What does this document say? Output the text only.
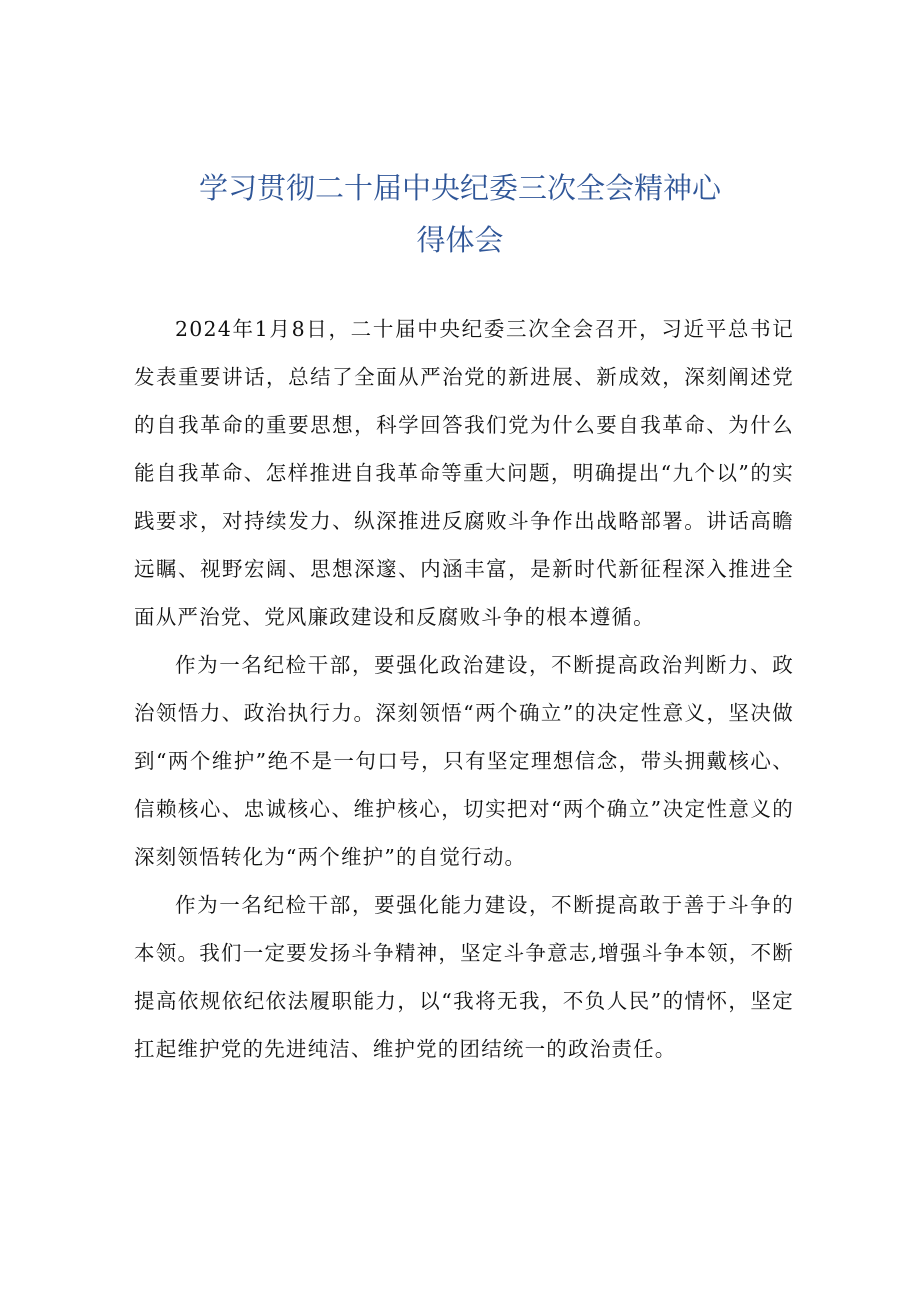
学习贯彻二十届中央纪委三次全会精神心
得体会

2024年1月8日，二十届中央纪委三次全会召开，习近平总书记发表重要讲话，总结了全面从严治党的新进展、新成效，深刻阐述党的自我革命的重要思想，科学回答我们党为什么要自我革命、为什么能自我革命、怎样推进自我革命等重大问题，明确提出“九个以”的实践要求，对持续发力、纵深推进反腐败斗争作出战略部署。讲话高瞻远瞩、视野宏阔、思想深邃、内涵丰富，是新时代新征程深入推进全面从严治党、党风廉政建设和反腐败斗争的根本遵循。

作为一名纪检干部，要强化政治建设，不断提高政治判断力、政治领悟力、政治执行力。深刻领悟“两个确立”的决定性意义，坚决做到“两个维护”绝不是一句口号，只有坚定理想信念，带头拥戴核心、信赖核心、忠诚核心、维护核心，切实把对“两个确立”决定性意义的深刻领悟转化为“两个维护”的自觉行动。

作为一名纪检干部，要强化能力建设，不断提高敢于善于斗争的本领。我们一定要发扬斗争精神，坚定斗争意志,增强斗争本领，不断提高依规依纪依法履职能力，以“我将无我，不负人民”的情怀，坚定扛起维护党的先进纯洁、维护党的团结统一的政治责任。
